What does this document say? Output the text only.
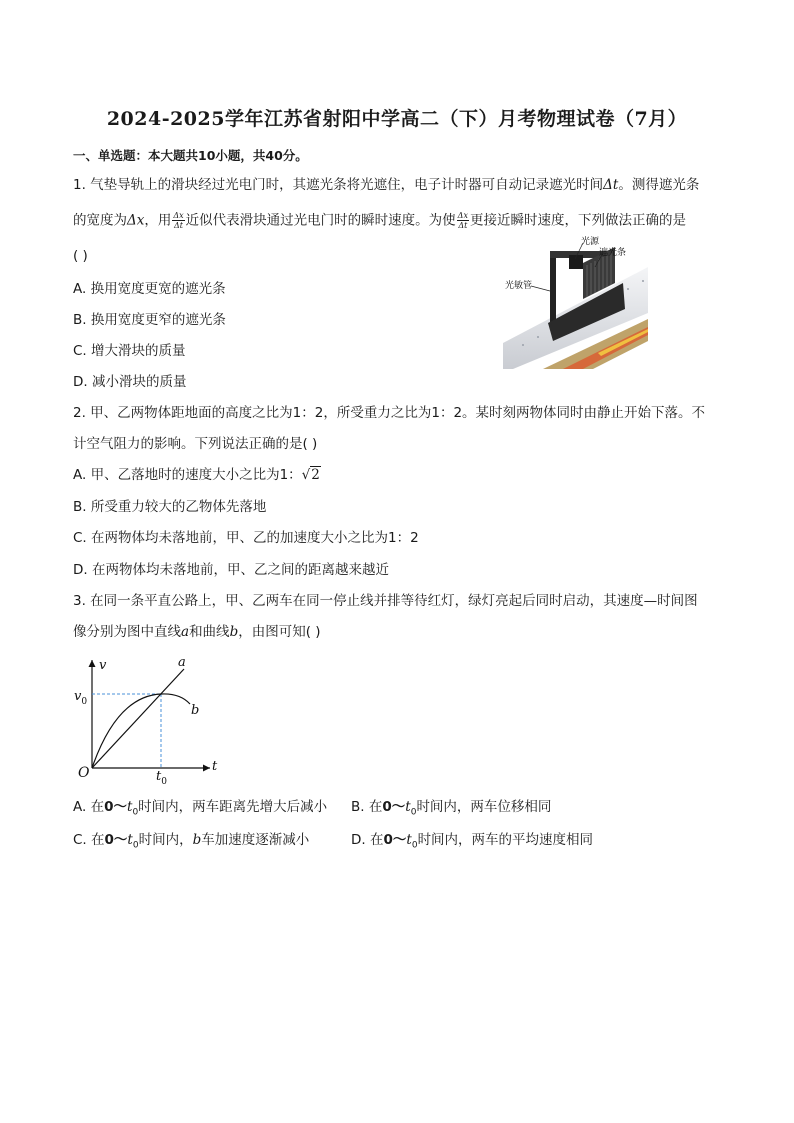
2024-2025学年江苏省射阳中学高二（下）月考物理试卷（7月）
一、单选题：本大题共10小题，共40分。
1. 气垫导轨上的滑块经过光电门时，其遮光条将光遮住，电子计时器可自动记录遮光时间Δt。测得遮光条
的宽度为Δx，用 $\frac{\Delta x}{\Delta t}$ 近似代表滑块通过光电门时的瞬时速度。为使 $\frac{\Delta x}{\Delta t}$ 更接近瞬时速度，下列做法正确的是
( )
A. 换用宽度更宽的遮光条
B. 换用宽度更窄的遮光条
C. 增大滑块的质量
D. 减小滑块的质量
光源
遮光条
光敏管
2. 甲、乙两物体距地面的高度之比为1：2，所受重力之比为1：2。某时刻两物体同时由静止开始下落。不
计空气阻力的影响。下列说法正确的是( )
A. 甲、乙落地时的速度大小之比为1：√2
B. 所受重力较大的乙物体先落地
C. 在两物体均未落地前，甲、乙的加速度大小之比为1：2
D. 在两物体均未落地前，甲、乙之间的距离越来越近
3. 在同一条平直公路上，甲、乙两车在同一停止线并排等待红灯，绿灯亮起后同时启动，其速度—时间图
像分别为图中直线a和曲线b，由图可知( )
v
t
$v_0$
$t_0$
O
a
b
A. 在$0\sim t_0$时间内，两车距离先增大后减小 B. 在$0\sim t_0$时间内，两车位移相同
C. 在$0\sim t_0$时间内，b车加速度逐渐减小	D. 在$0\sim t_0$时间内，两车的平均速度相同
